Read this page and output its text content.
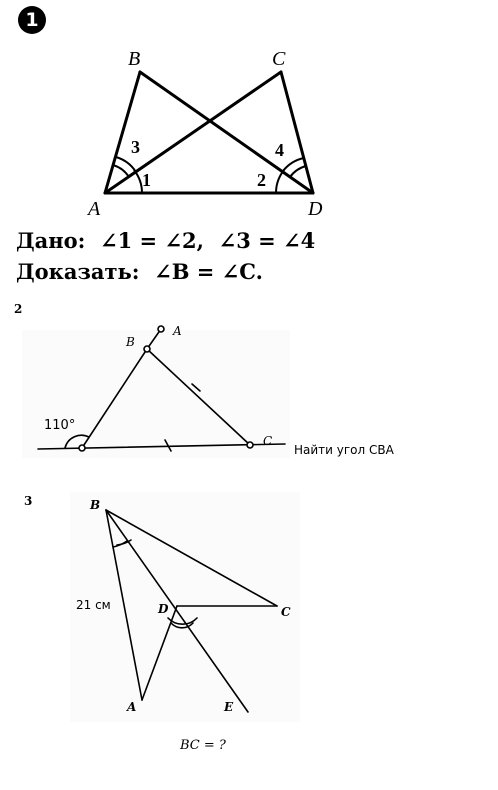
1
B	C
A	D
1
3
2
4
Дано:  ∠1 = ∠2,  ∠3 = ∠4
Доказать:  ∠B = ∠C.
2
A
B
C
110°
Найти угол CBA
3	B
C
D
A	E
21 см
BC = ?
